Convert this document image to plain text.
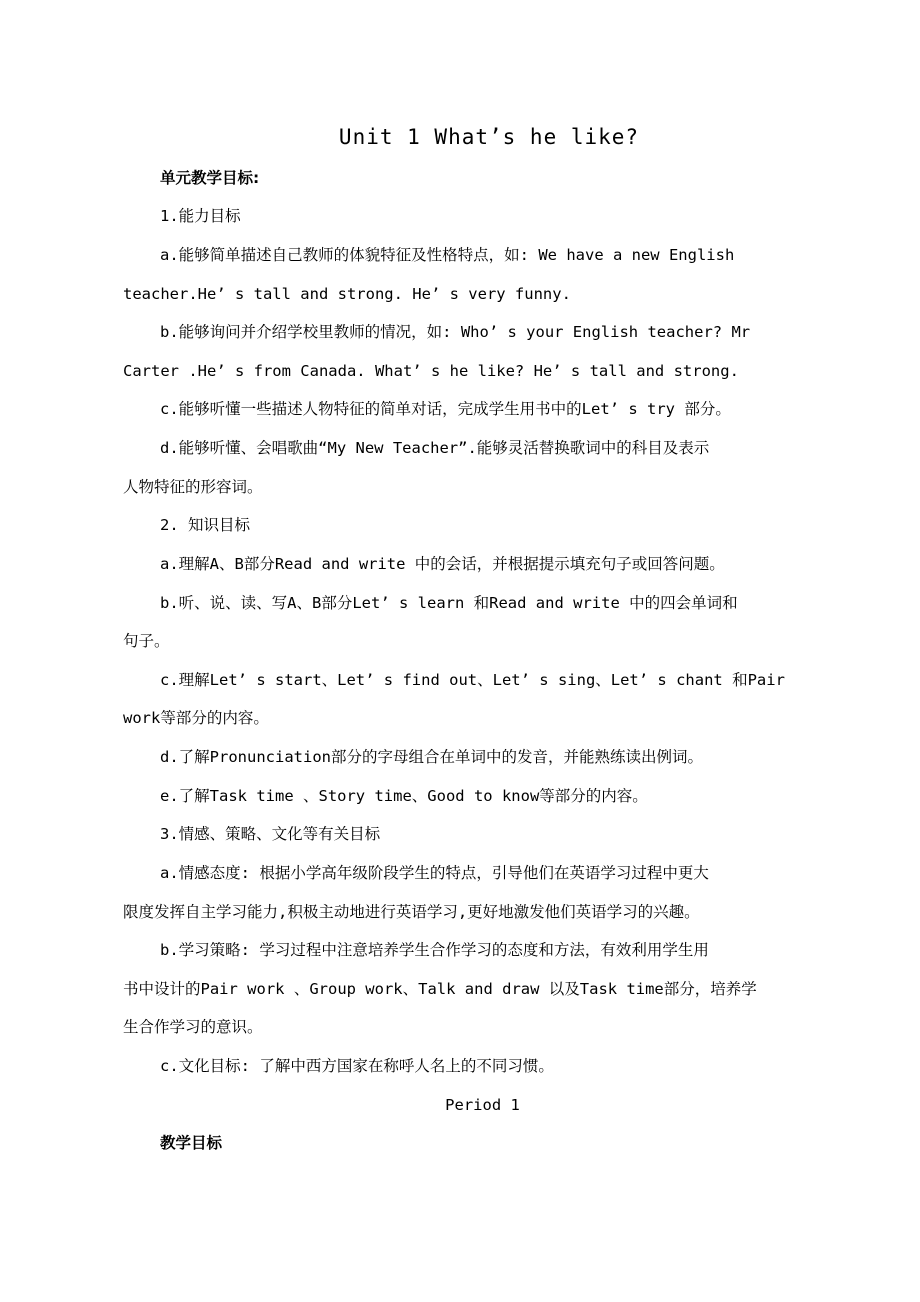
Unit 1 What’s he like?
单元教学目标:
1.能力目标
a.能够简单描述自己教师的体貌特征及性格特点，如: We have a new English
teacher.He’ s tall and strong. He’ s very funny.
b.能够询问并介绍学校里教师的情况，如: Who’ s your English teacher? Mr
Carter .He’ s from Canada. What’ s he like? He’ s tall and strong.
c.能够听懂一些描述人物特征的简单对话，完成学生用书中的Let’ s try 部分。
d.能够听懂、会唱歌曲“My New Teacher”.能够灵活替换歌词中的科目及表示
人物特征的形容词。
2. 知识目标
a.理解A、B部分Read and write 中的会话，并根据提示填充句子或回答问题。
b.听、说、读、写A、B部分Let’ s learn 和Read and write 中的四会单词和
句子。
c.理解Let’ s start、Let’ s find out、Let’ s sing、Let’ s chant 和Pair
work等部分的内容。
d.了解Pronunciation部分的字母组合在单词中的发音，并能熟练读出例词。
e.了解Task time 、Story time、Good to know等部分的内容。
3.情感、策略、文化等有关目标
a.情感态度: 根据小学高年级阶段学生的特点，引导他们在英语学习过程中更大
限度发挥自主学习能力,积极主动地进行英语学习,更好地激发他们英语学习的兴趣。
b.学习策略: 学习过程中注意培养学生合作学习的态度和方法，有效利用学生用
书中设计的Pair work 、Group work、Talk and draw 以及Task time部分，培养学
生合作学习的意识。
c.文化目标: 了解中西方国家在称呼人名上的不同习惯。
Period 1
教学目标
